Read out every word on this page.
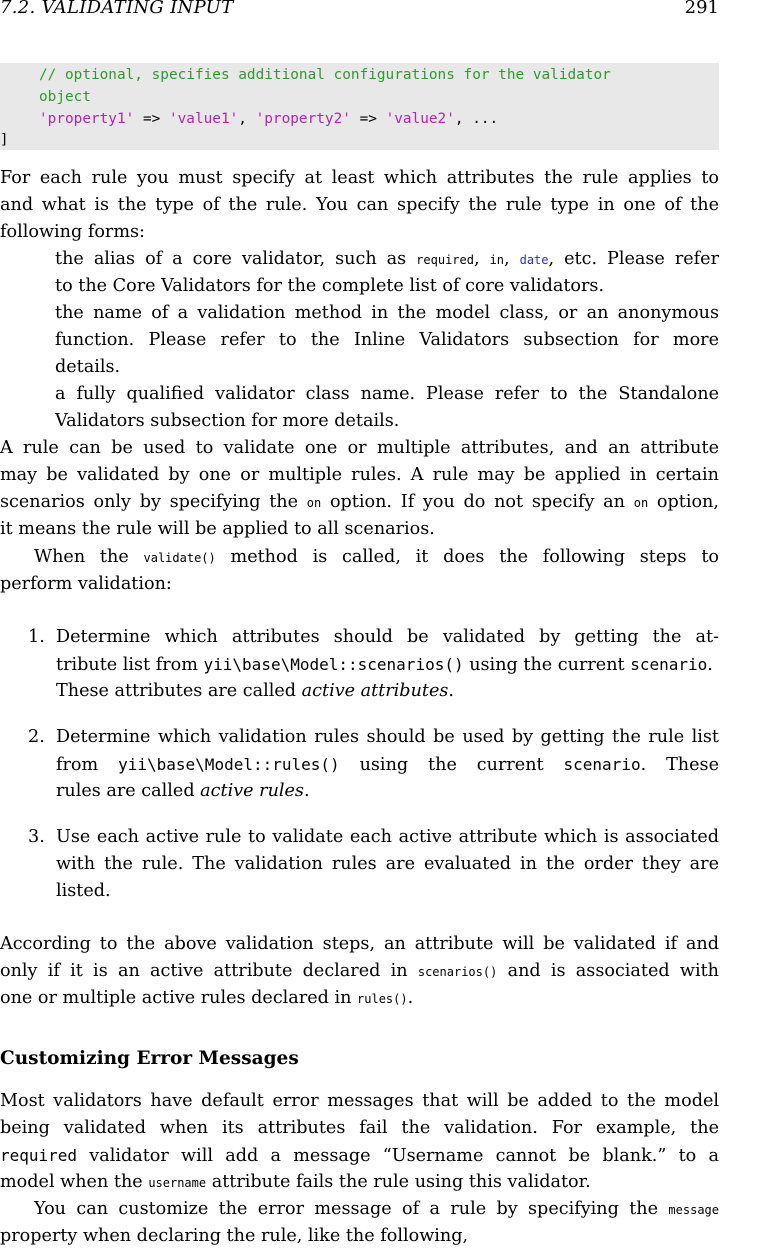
7.2. VALIDATING INPUT	291
// optional, specifies additional configurations for the validator
object
'property1' => 'value1', 'property2' => 'value2', ...
]
For each rule you must specify at least which attributes the rule applies to
and what is the type of the rule. You can specify the rule type in one of the
following forms:
the alias of a core validator, such as required, in, date, etc. Please refer
to the Core Validators for the complete list of core validators.
the name of a validation method in the model class, or an anonymous
function. Please refer to the Inline Validators subsection for more
details.
a fully qualified validator class name. Please refer to the Standalone
Validators subsection for more details.
A rule can be used to validate one or multiple attributes, and an attribute
may be validated by one or multiple rules. A rule may be applied in certain
scenarios only by specifying the on option. If you do not specify an on option,
it means the rule will be applied to all scenarios.
When the validate() method is called, it does the following steps to
perform validation:
1. Determine which attributes should be validated by getting the at-
tribute list from yii\base\Model::scenarios() using the current scenario.
These attributes are called active attributes.
2. Determine which validation rules should be used by getting the rule list
from yii\base\Model::rules() using the current scenario. These
rules are called active rules.
3. Use each active rule to validate each active attribute which is associated
with the rule. The validation rules are evaluated in the order they are
listed.
According to the above validation steps, an attribute will be validated if and
only if it is an active attribute declared in scenarios() and is associated with
one or multiple active rules declared in rules().
Customizing Error Messages
Most validators have default error messages that will be added to the model
being validated when its attributes fail the validation. For example, the
required validator will add a message “Username cannot be blank.” to a
model when the username attribute fails the rule using this validator.
You can customize the error message of a rule by specifying the message
property when declaring the rule, like the following,
